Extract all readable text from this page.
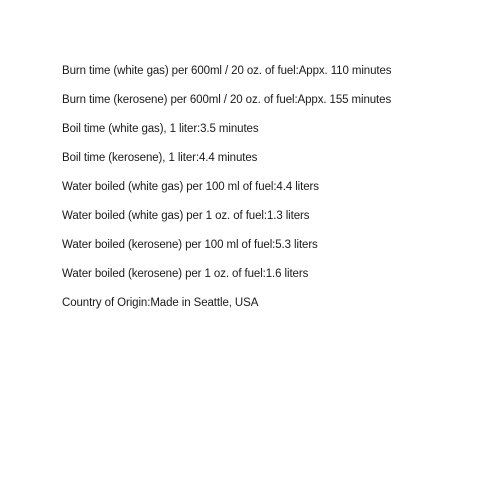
Burn time (white gas) per 600ml / 20 oz. of fuel:Appx. 110 minutes
Burn time (kerosene) per 600ml / 20 oz. of fuel:Appx. 155 minutes
Boil time (white gas), 1 liter:3.5 minutes
Boil time (kerosene), 1 liter:4.4 minutes
Water boiled (white gas) per 100 ml of fuel:4.4 liters
Water boiled (white gas) per 1 oz. of fuel:1.3 liters
Water boiled (kerosene) per 100 ml of fuel:5.3 liters
Water boiled (kerosene) per 1 oz. of fuel:1.6 liters
Country of Origin:Made in Seattle, USA
